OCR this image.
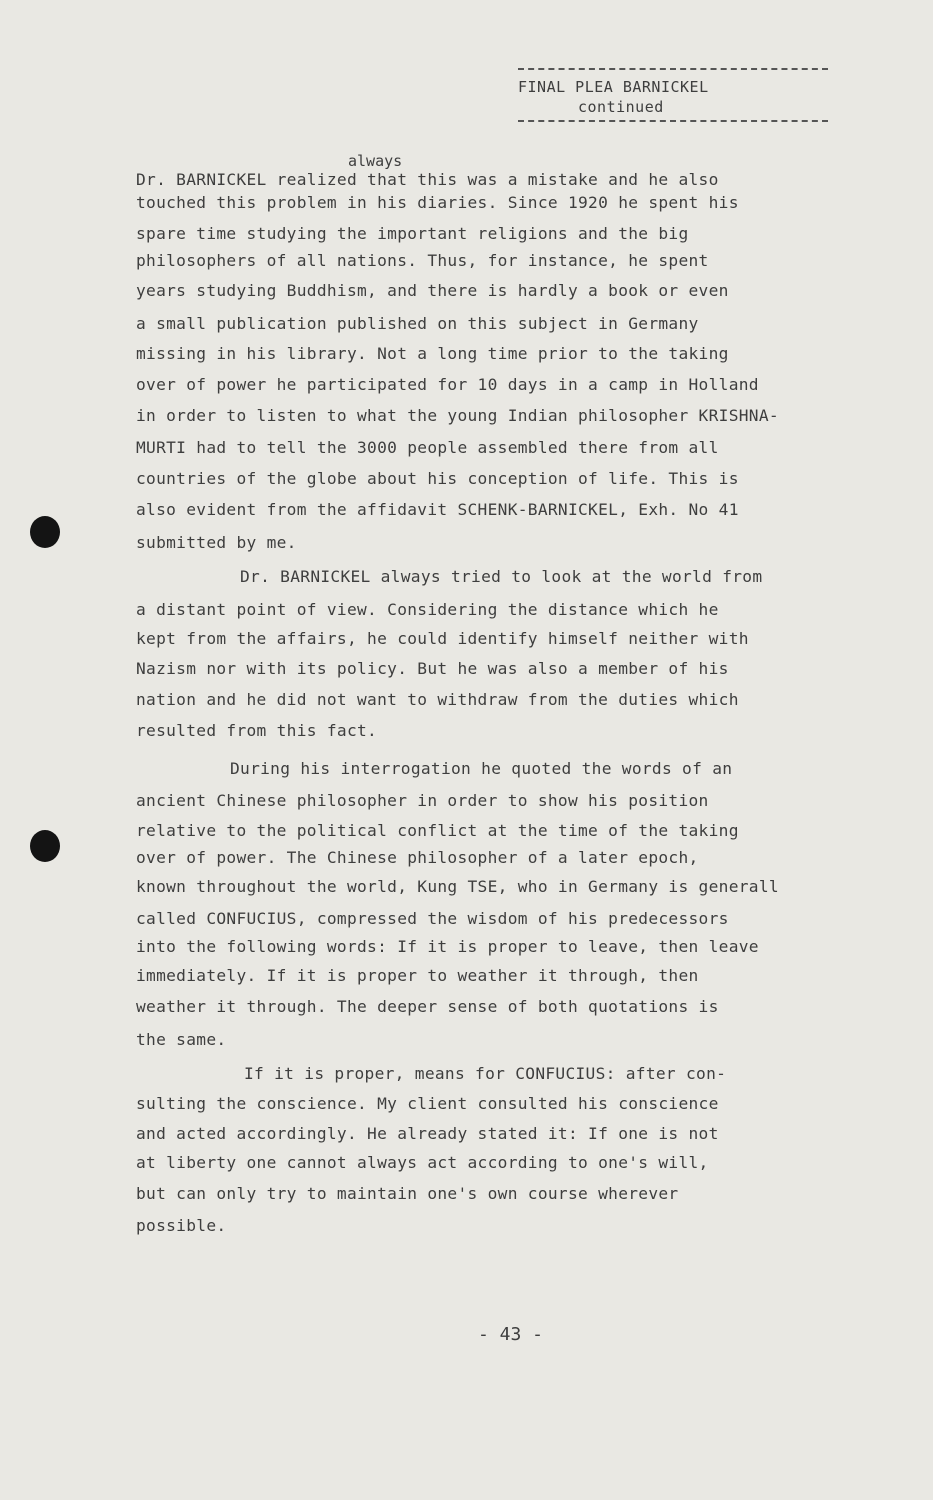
FINAL PLEA BARNICKEL
continued
always
Dr. BARNICKEL realized that this was a mistake and he also
touched this problem in his diaries. Since 1920 he spent his
spare time studying the important religions and the big
philosophers of all nations. Thus, for instance, he spent
years studying Buddhism, and there is hardly a book or even
a small publication published on this subject in Germany
missing in his library. Not a long time prior to the taking
over of power he participated for 10 days in a camp in Holland
in order to listen to what the young Indian philosopher KRISHNA-
MURTI had to tell the 3000 people assembled there from all
countries of the globe about his conception of life. This is
also evident from the affidavit SCHENK-BARNICKEL, Exh. No 41
submitted by me.
Dr. BARNICKEL always tried to look at the world from
a distant point of view. Considering the distance which he
kept from the affairs, he could identify himself neither with
Nazism nor with its policy. But he was also a member of his
nation and he did not want to withdraw from the duties which
resulted from this fact.
During his interrogation he quoted the words of an
ancient Chinese philosopher in order to show his position
relative to the political conflict at the time of the taking
over of power. The Chinese philosopher of a later epoch,
known throughout the world, Kung TSE, who in Germany is generall
called CONFUCIUS, compressed the wisdom of his predecessors
into the following words: If it is proper to leave, then leave
immediately. If it is proper to weather it through, then
weather it through. The deeper sense of both quotations is
the same.
If it is proper, means for CONFUCIUS: after con-
sulting the conscience. My client consulted his conscience
and acted accordingly. He already stated it: If one is not
at liberty one cannot always act according to one's will,
but can only try to maintain one's own course wherever
possible.
- 43 -
